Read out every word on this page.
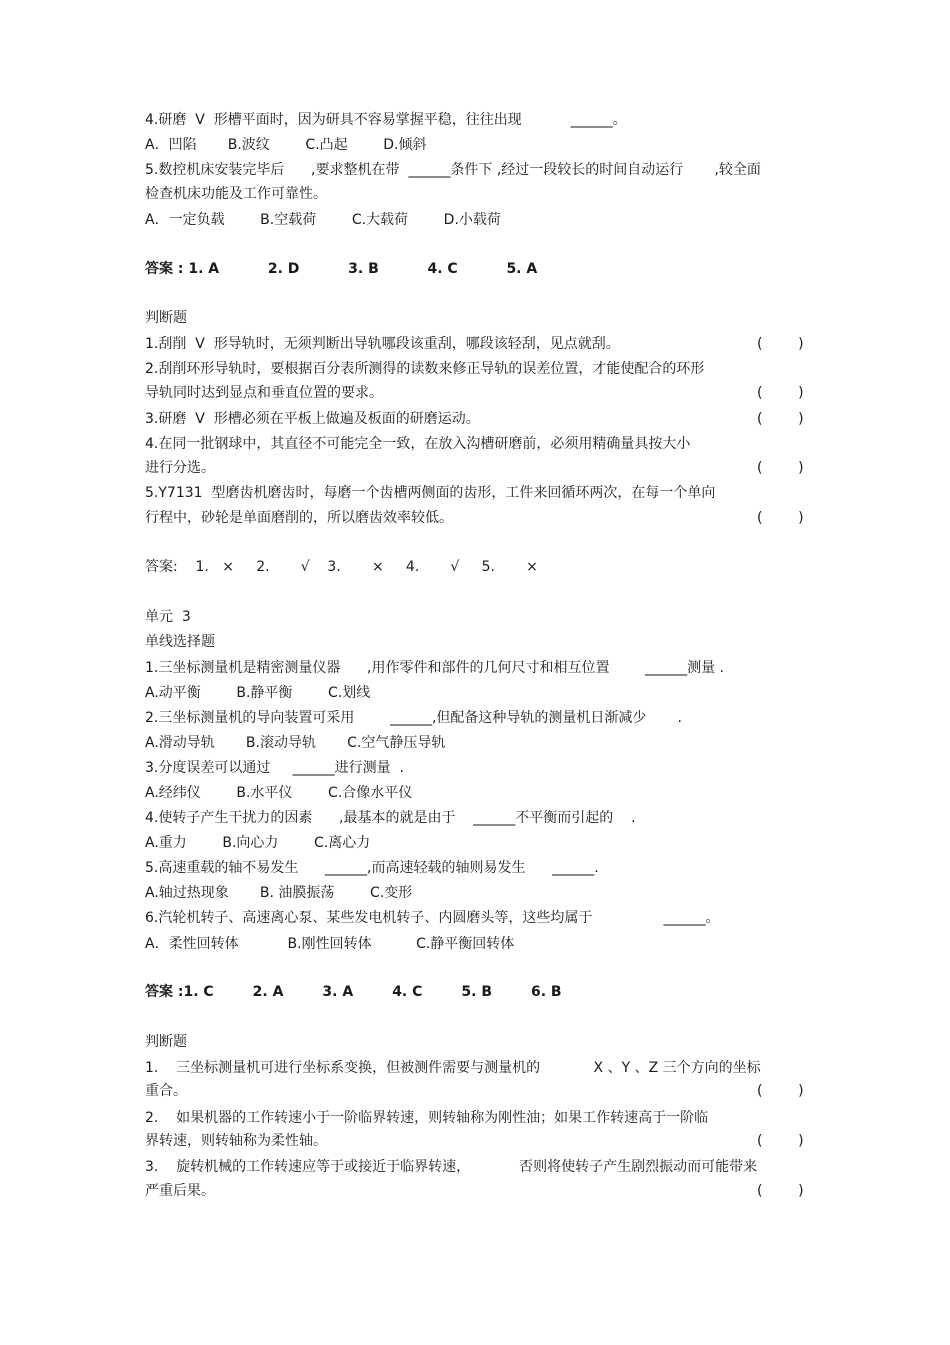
4.研磨  V  形槽平面时，因为研具不容易掌握平稳，往往出现           ______。
A．凹陷       B.波纹        C.凸起        D.倾斜
5.数控机床安装完毕后      ,要求整机在带  ______条件下 ,经过一段较长的时间自动运行       ,较全面
检查机床功能及工作可靠性。
A．一定负载        B.空载荷        C.大载荷        D.小载荷
答案 : 1. A          2. D          3. B          4. C          5. A
判断题
1.刮削  V  形导轨时，无须判断出导轨哪段该重刮，哪段该轻刮，见点就刮。
2.刮削环形导轨时，要根据百分表所测得的读数来修正导轨的误差位置，才能使配合的环形
导轨同时达到显点和垂直位置的要求。
3.研磨  V  形槽必须在平板上做遍及板面的研磨运动。
4.在同一批钢球中，其直径不可能完全一致，在放入沟槽研磨前，必须用精确量具按大小
进行分选。
5.Y7131  型磨齿机磨齿时，每磨一个齿槽两侧面的齿形，工件来回循环两次，在每一个单向
行程中，砂轮是单面磨削的，所以磨齿效率较低。
答案:    1.   ×     2.       √    3.       ×     4.       √     5.       ×
单元  3
单线选择题
1.三坐标测量机是精密测量仪器      ,用作零件和部件的几何尺寸和相互位置        ______测量 .
A.动平衡        B.静平衡        C.划线
2.三坐标测量机的导向装置可采用        ______,但配备这种导轨的测量机日渐减少       .
A.滑动导轨       B.滚动导轨       C.空气静压导轨
3.分度误差可以通过     ______进行测量  .
A.经纬仪        B.水平仪        C.合像水平仪
4.使转子产生干扰力的因素      ,最基本的就是由于    ______不平衡而引起的    .
A.重力        B.向心力        C.离心力
5.高速重载的轴不易发生      ______,而高速轻载的轴则易发生      ______.
A.轴过热现象       B. 油膜振荡        C.变形
6.汽轮机转子、高速离心泵、某些发电机转子、内圆磨头等，这些均属于                ______。
A．柔性回转体           B.刚性回转体          C.静平衡回转体
答案 :1. C        2. A        3. A        4. C        5. B        6. B
判断题
1.    三坐标测量机可进行坐标系变换，但被测件需要与测量机的            X 、Y 、Z 三个方向的坐标
重合。
2.    如果机器的工作转速小于一阶临界转速，则转轴称为刚性油；如果工作转速高于一阶临
界转速，则转轴称为柔性轴。
3.    旋转机械的工作转速应等于或接近于临界转速，           否则将使转子产生剧烈振动而可能带来
严重后果。
(        )
(        )
(        )
(        )
(        )
(        )
(        )
(        )
